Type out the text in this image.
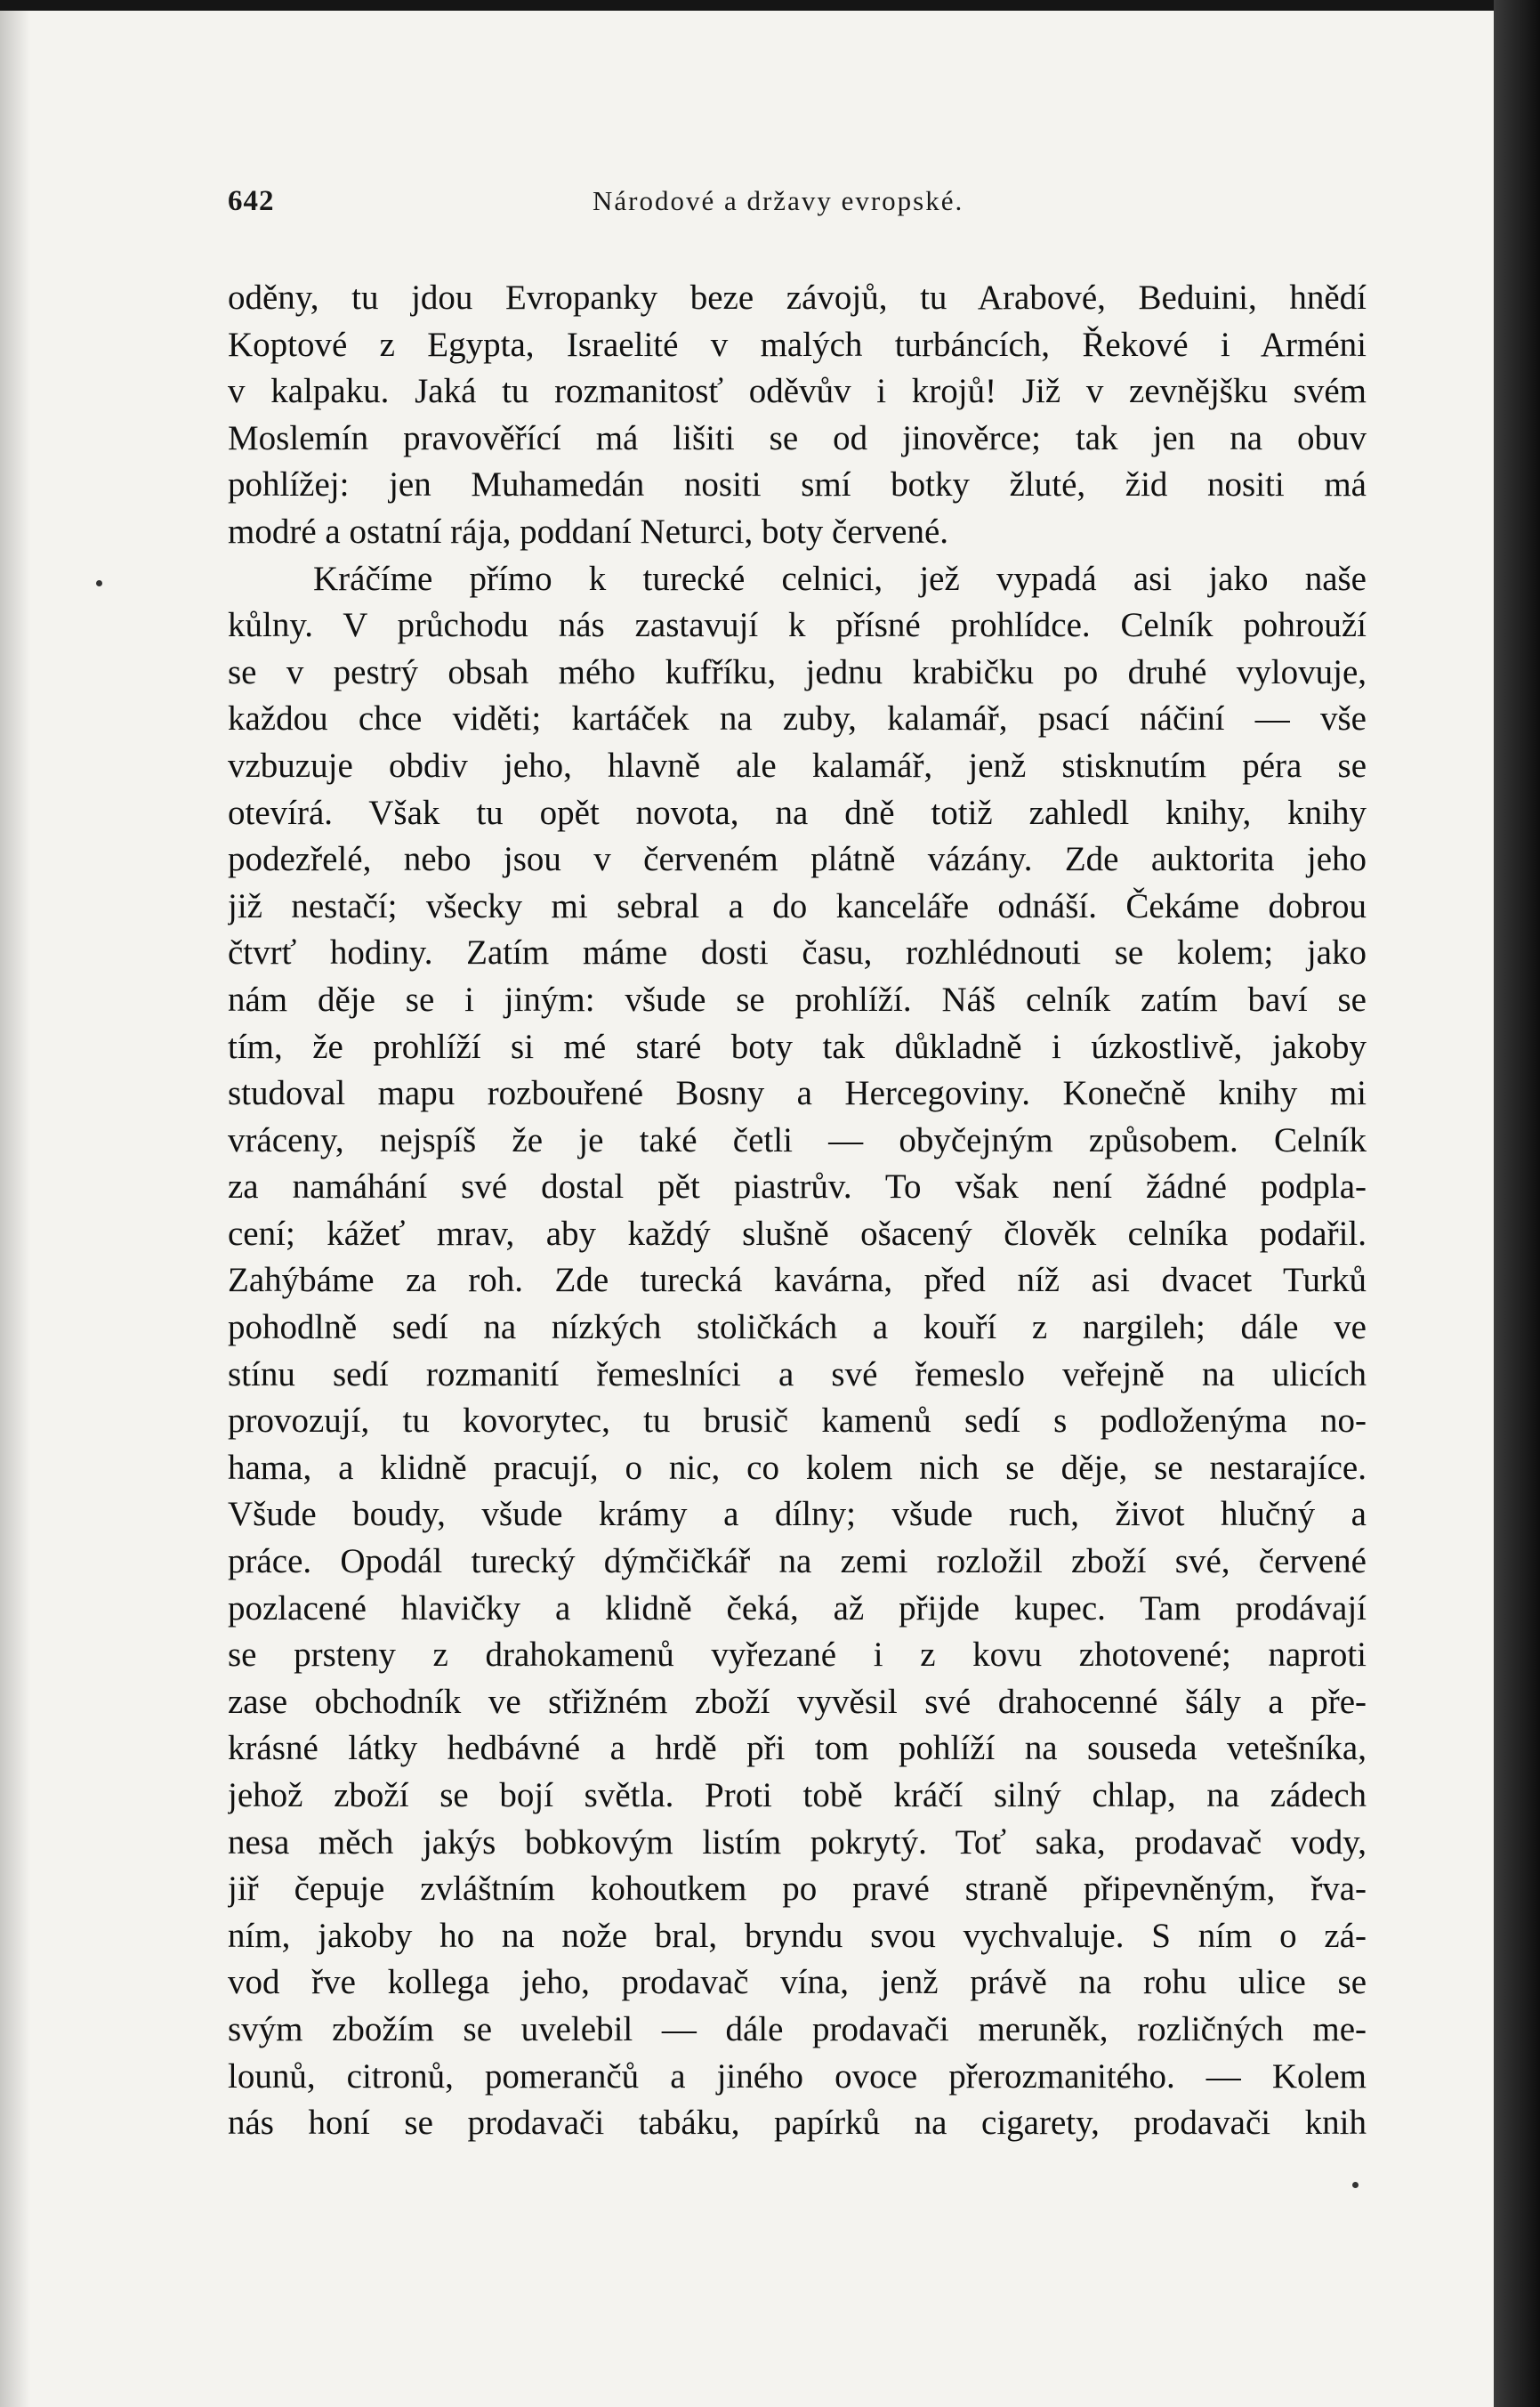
642	Národové a državy evropské.
oděny, tu jdou Evropanky beze závojů, tu Arabové, Beduini, hnědí
Koptové z Egypta, Israelité v malých turbáncích, Řekové i Arméni
v kalpaku. Jaká tu rozmanitosť oděvův i krojů! Již v zevnějšku svém
Moslemín pravověřící má lišiti se od jinověrce; tak jen na obuv
pohlížej: jen Muhamedán nositi smí botky žluté, žid nositi má
modré a ostatní rája, poddaní Neturci, boty červené.
Kráčíme přímo k turecké celnici, jež vypadá asi jako naše
kůlny. V průchodu nás zastavují k přísné prohlídce. Celník pohrouží
se v pestrý obsah mého kufříku, jednu krabičku po druhé vylovuje,
každou chce viděti; kartáček na zuby, kalamář, psací náčiní — vše
vzbuzuje obdiv jeho, hlavně ale kalamář, jenž stisknutím péra se
otevírá. Však tu opět novota, na dně totiž zahledl knihy, knihy
podezřelé, nebo jsou v červeném plátně vázány. Zde auktorita jeho
již nestačí; všecky mi sebral a do kanceláře odnáší. Čekáme dobrou
čtvrť hodiny. Zatím máme dosti času, rozhlédnouti se kolem; jako
nám děje se i jiným: všude se prohlíží. Náš celník zatím baví se
tím, že prohlíží si mé staré boty tak důkladně i úzkostlivě, jakoby
studoval mapu rozbouřené Bosny a Hercegoviny. Konečně knihy mi
vráceny, nejspíš že je také četli — obyčejným způsobem. Celník
za namáhání své dostal pět piastrův. To však není žádné podpla-
cení; kážeť mrav, aby každý slušně ošacený člověk celníka podařil.
Zahýbáme za roh. Zde turecká kavárna, před níž asi dvacet Turků
pohodlně sedí na nízkých stoličkách a kouří z nargileh; dále ve
stínu sedí rozmanití řemeslníci a své řemeslo veřejně na ulicích
provozují, tu kovorytec, tu brusič kamenů sedí s podloženýma no-
hama, a klidně pracují, o nic, co kolem nich se děje, se nestarajíce.
Všude boudy, všude krámy a dílny; všude ruch, život hlučný a
práce. Opodál turecký dýmčičkář na zemi rozložil zboží své, červené
pozlacené hlavičky a klidně čeká, až přijde kupec. Tam prodávají
se prsteny z drahokamenů vyřezané i z kovu zhotovené; naproti
zase obchodník ve střižném zboží vyvěsil své drahocenné šály a pře-
krásné látky hedbávné a hrdě při tom pohlíží na souseda vetešníka,
jehož zboží se bojí světla. Proti tobě kráčí silný chlap, na zádech
nesa měch jakýs bobkovým listím pokrytý. Toť saka, prodavač vody,
jiř čepuje zvláštním kohoutkem po pravé straně připevněným, řva-
ním, jakoby ho na nože bral, bryndu svou vychvaluje. S ním o zá-
vod řve kollega jeho, prodavač vína, jenž právě na rohu ulice se
svým zbožím se uvelebil — dále prodavači meruněk, rozličných me-
lounů, citronů, pomerančů a jiného ovoce přerozmanitého. — Kolem
nás honí se prodavači tabáku, papírků na cigarety, prodavači knih
